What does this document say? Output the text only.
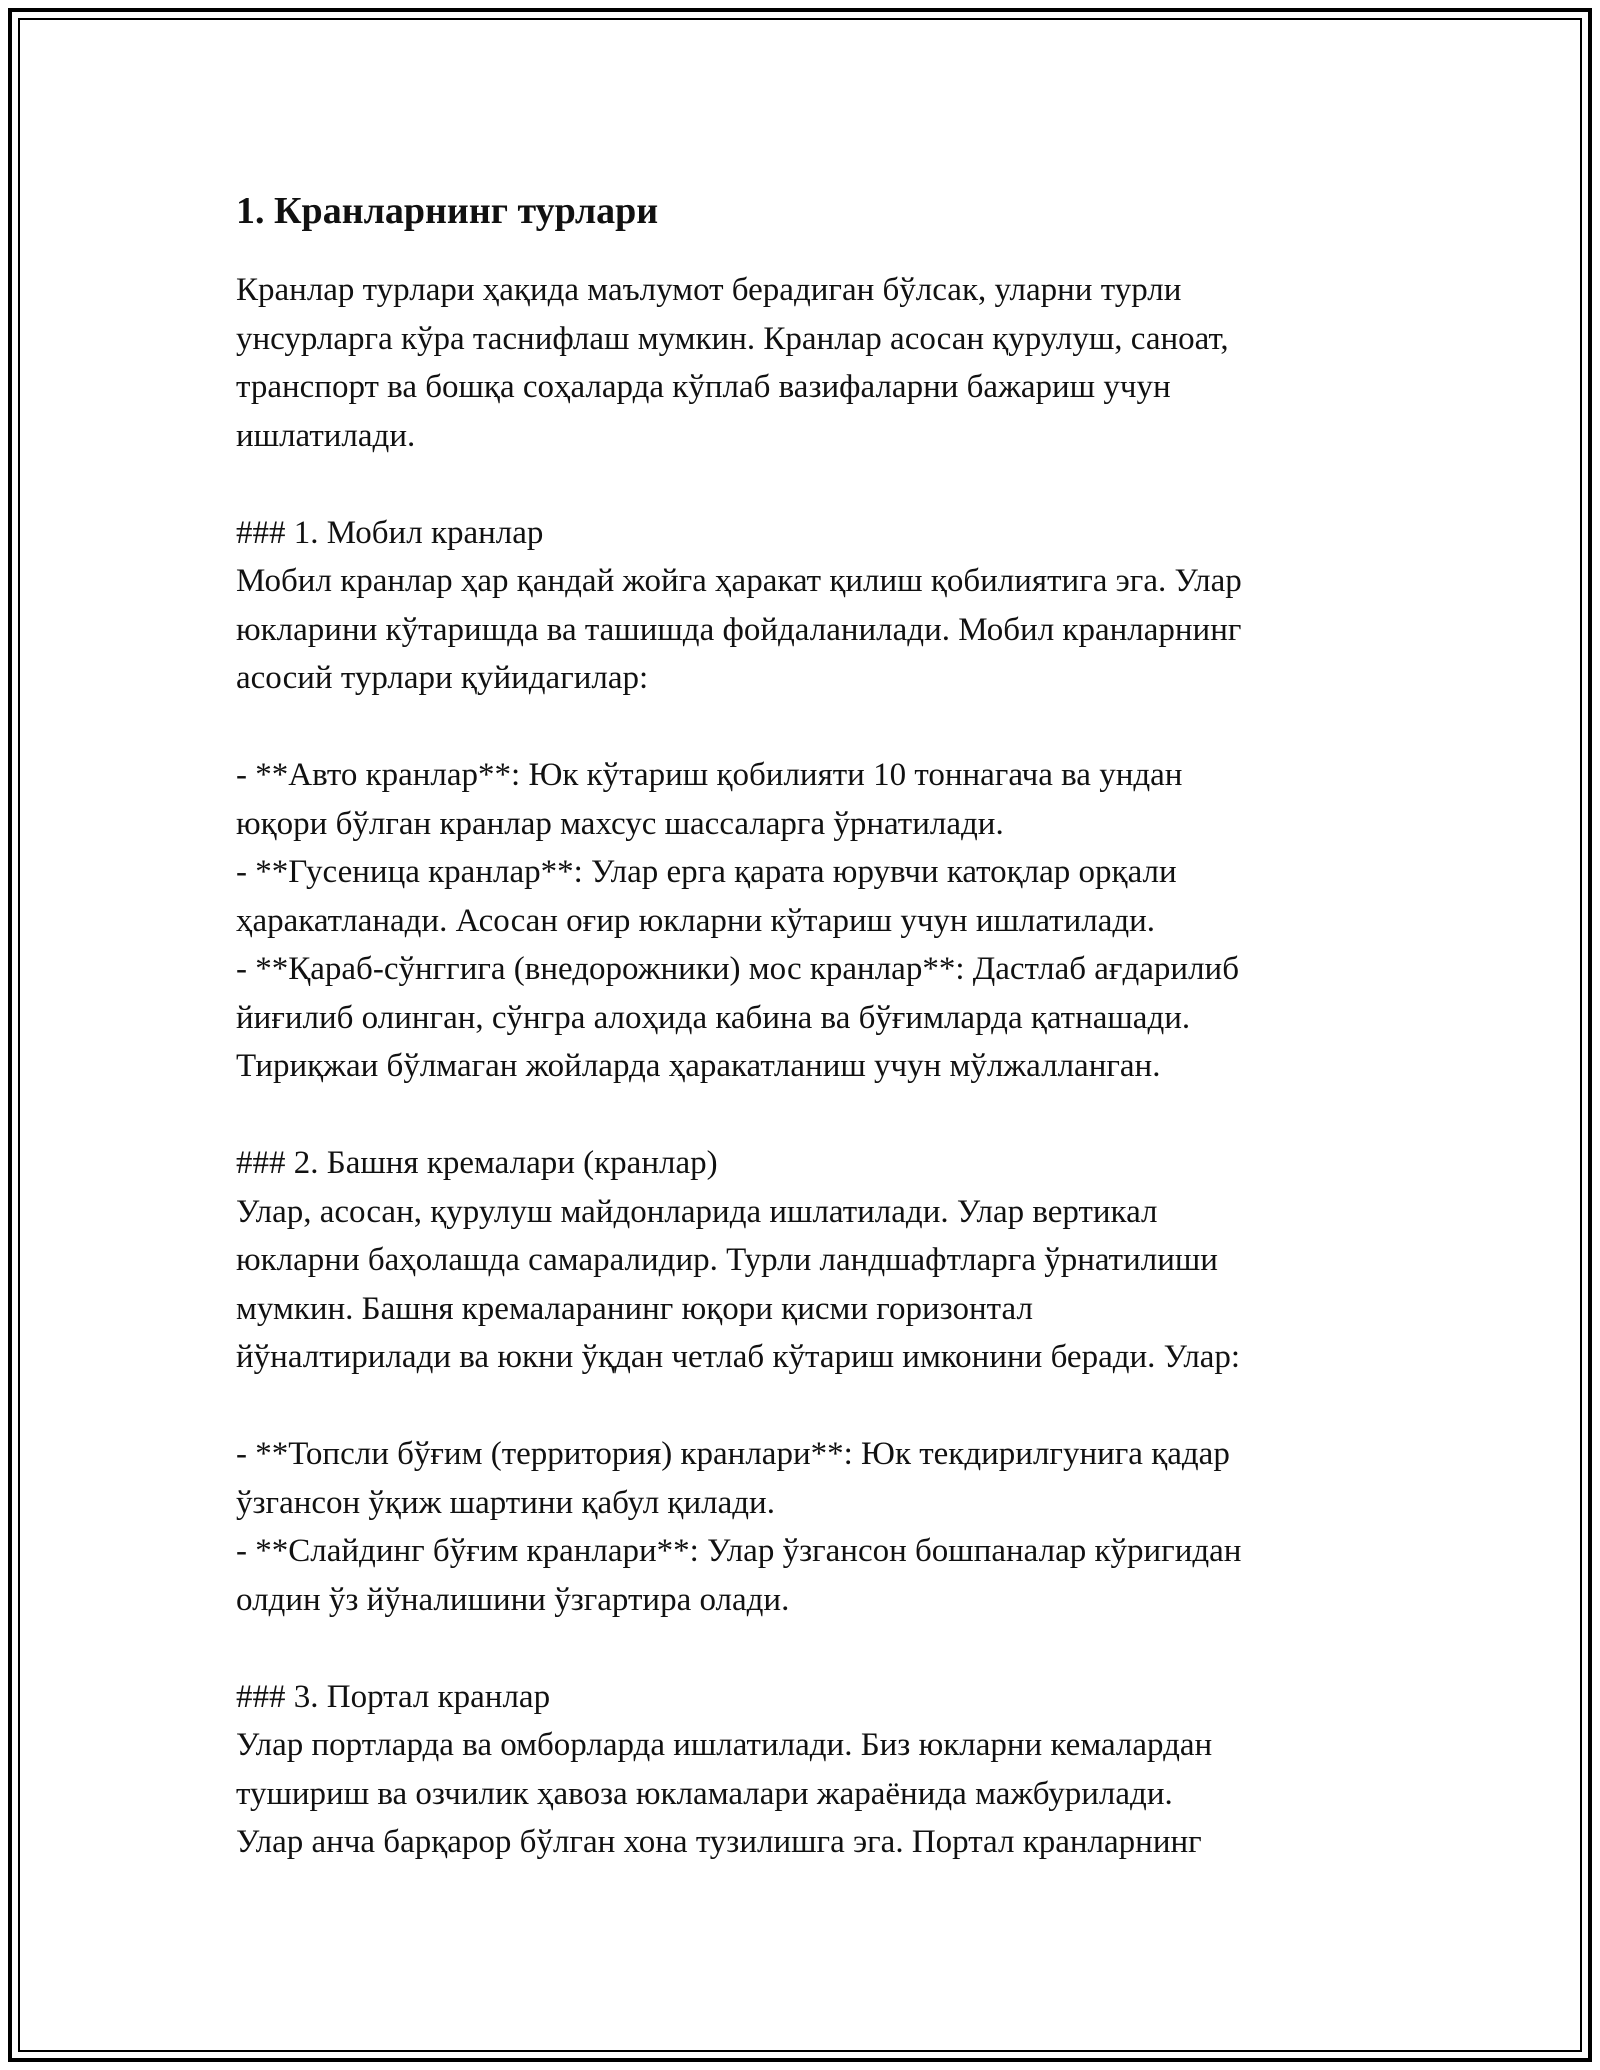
1. Кранларнинг турлари
Кранлар турлари ҳақида маълумот берадиган бўлсак, уларни турли
унсурларга кўра таснифлаш мумкин. Кранлар асосан қурулуш, саноат,
транспорт ва бошқа соҳаларда кўплаб вазифаларни бажариш учун
ишлатилади.
### 1. Мобил кранлар
Мобил кранлар ҳар қандай жойга ҳаракат қилиш қобилиятига эга. Улар
юкларини кўтаришда ва ташишда фойдаланилади. Мобил кранларнинг
асосий турлари қуйидагилар:
- **Авто кранлар**: Юк кўтариш қобилияти 10 тоннагача ва ундан
юқори бўлган кранлар махсус шассаларга ўрнатилади.
- **Гусеница кранлар**: Улар ерга қарата юрувчи катоқлар орқали
ҳаракатланади. Асосан оғир юкларни кўтариш учун ишлатилади.
- **Қараб-сўнггига (внедорожники) мос кранлар**: Дастлаб ағдарилиб
йиғилиб олинган, сўнгра алоҳида кабина ва бўғимларда қатнашади.
Тириқжаи бўлмаган жойларда ҳаракатланиш учун мўлжалланган.
### 2. Башня кремалари (кранлар)
Улар, асосан, қурулуш майдонларида ишлатилади. Улар вертикал
юкларни баҳолашда самаралидир. Турли ландшафтларга ўрнатилиши
мумкин. Башня кремаларанинг юқори қисми горизонтал
йўналтирилади ва юкни ўқдан четлаб кўтариш имконини беради. Улар:
- **Топсли бўғим (территория) кранлари**: Юк текдирилгунига қадар
ўзгансон ўқиж шартини қабул қилади.
- **Слайдинг бўғим кранлари**: Улар ўзгансон бошпаналар кўригидан
олдин ўз йўналишини ўзгартира олади.
### 3. Портал кранлар
Улар портларда ва омборларда ишлатилади. Биз юкларни кемалардан
тушириш ва озчилик ҳавоза юкламалари жараёнида мажбурилади.
Улар анча барқарор бўлган хона тузилишга эга. Портал кранларнинг
